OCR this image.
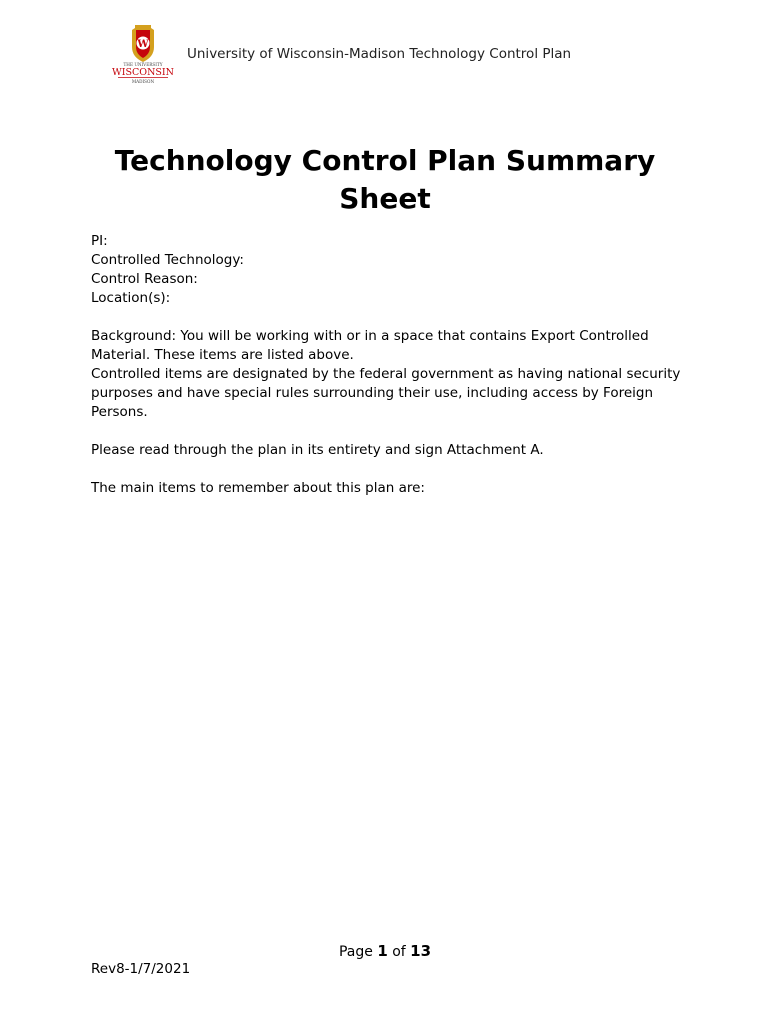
W
THE UNIVERSITY
WISCONSIN
MADISON
University of Wisconsin-Madison Technology Control Plan
Technology Control Plan Summary Sheet

PI:

Controlled Technology:

Control Reason:

Location(s):

Background: You will be working with or in a space that contains Export Controlled Material. These items are listed above.

Controlled items are designated by the federal government as having national security purposes and have special rules surrounding their use, including access by Foreign Persons.

Please read through the plan in its entirety and sign Attachment A.

The main items to remember about this plan are:

Page 1 of 13
Rev8-1/7/2021
